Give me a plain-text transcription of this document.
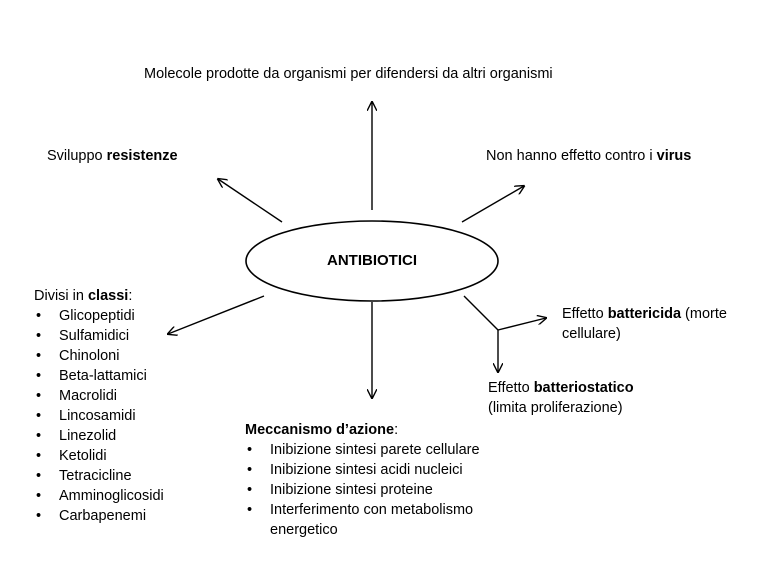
ANTIBIOTICI
Molecole prodotte da organismi per difendersi da altri organismi
Sviluppo resistenze	Non hanno effetto contro i virus
Divisi in classi:
• Glicopeptidi
• Sulfamidici
• Chinoloni
• Beta-lattamici
• Macrolidi
• Lincosamidi
• Linezolid
• Ketolidi
• Tetracicline
• Amminoglicosidi
• Carbapenemi
Effetto battericida (morte
cellulare)
Effetto batteriostatico
(limita proliferazione)
Meccanismo d’azione:
• Inibizione sintesi parete cellulare
• Inibizione sintesi acidi nucleici
• Inibizione sintesi proteine
• Interferimento con metabolismo
energetico
